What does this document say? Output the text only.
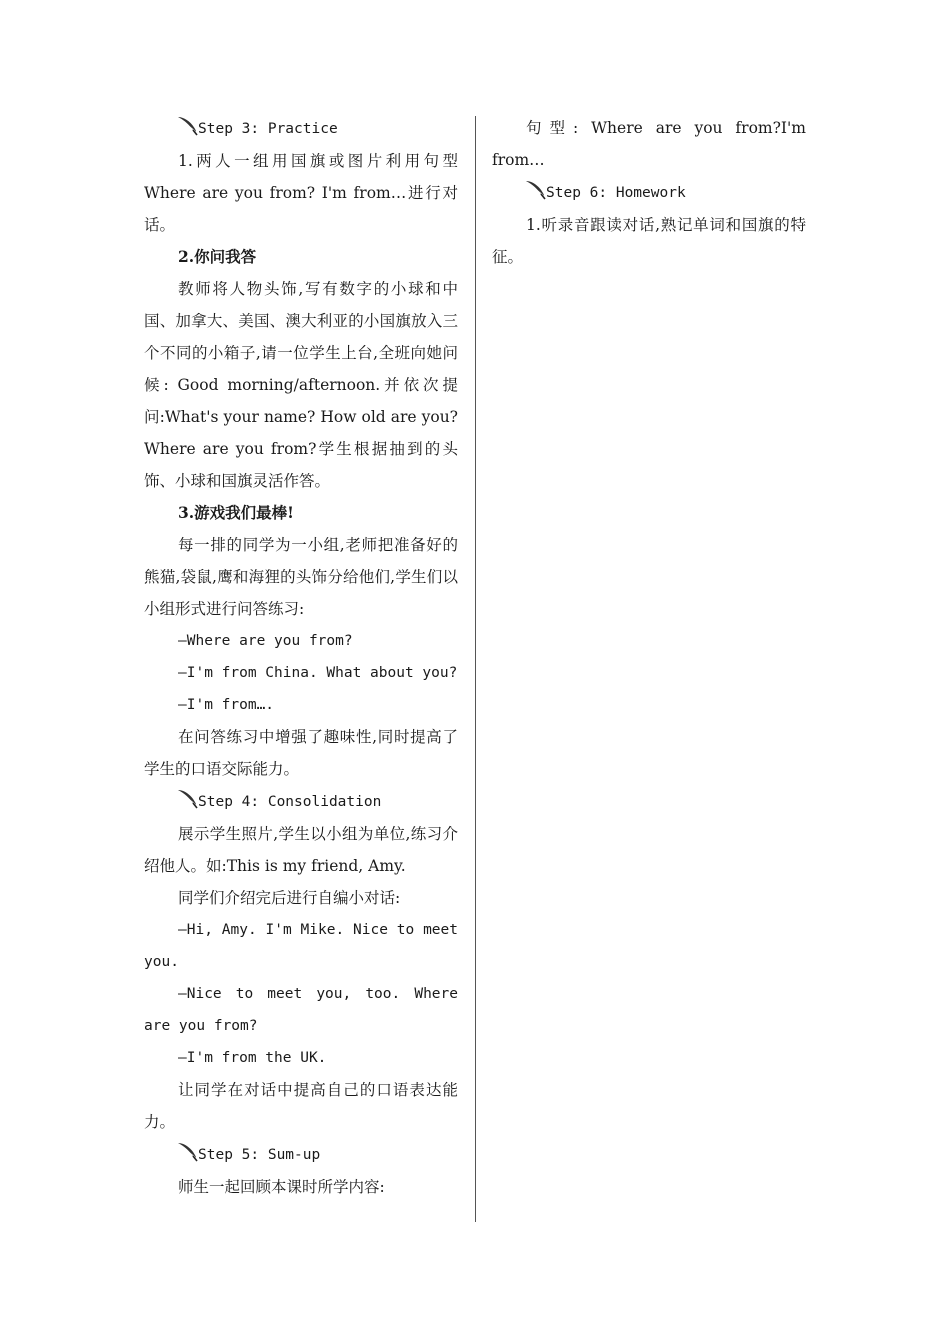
Step 3: Practice

1.两人一组用国旗或图片利用句型Where are you from? I'm from…进行对话。

2.你问我答

教师将人物头饰,写有数字的小球和中国、加拿大、美国、澳大利亚的小国旗放入三个不同的小箱子,请一位学生上台,全班向她问候: Good morning/afternoon.并依次提问:What's your name? How old are you? Where are you from?学生根据抽到的头饰、小球和国旗灵活作答。

3.游戏我们最棒!

每一排的同学为一小组,老师把准备好的熊猫,袋鼠,鹰和海狸的头饰分给他们,学生们以小组形式进行问答练习:

—Where are you from?

—I'm from China. What about you?

—I'm from….

在问答练习中增强了趣味性,同时提高了学生的口语交际能力。

Step 4: Consolidation

展示学生照片,学生以小组为单位,练习介绍他人。如:This is my friend, Amy.

同学们介绍完后进行自编小对话:

—Hi, Amy. I'm Mike. Nice to meet you.

—Nice to meet you, too. Where are you from?

—I'm from the UK.

让同学在对话中提高自己的口语表达能力。

Step 5: Sum-up

师生一起回顾本课时所学内容:

句型: Where are you from?I'm from…

Step 6: Homework

1.听录音跟读对话,熟记单词和国旗的特征。
